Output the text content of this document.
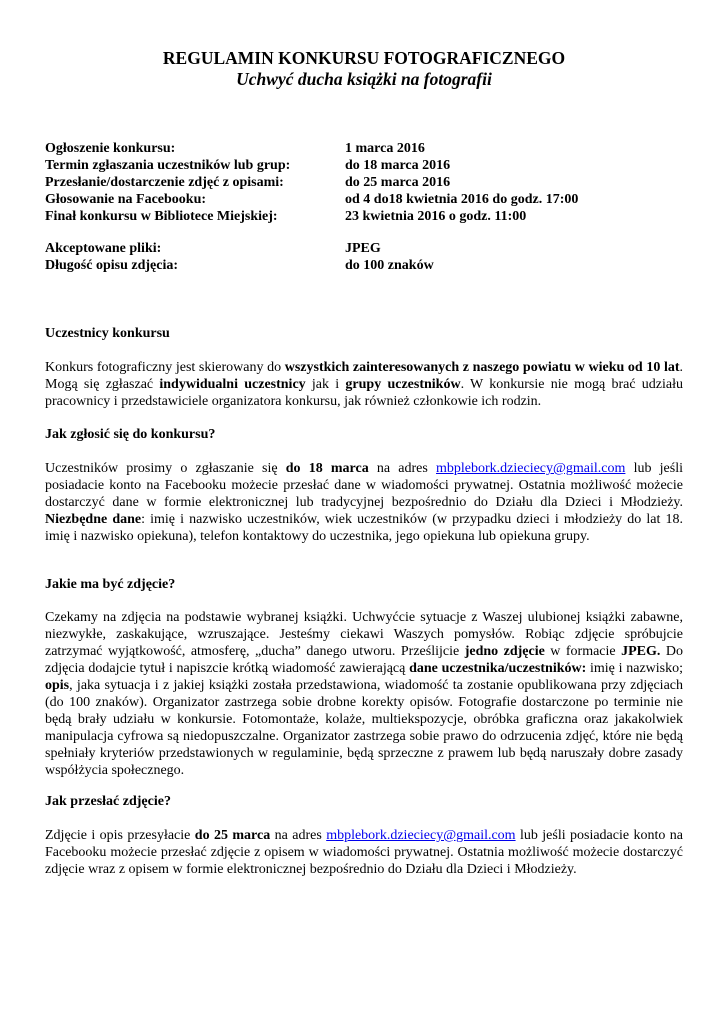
REGULAMIN KONKURSU FOTOGRAFICZNEGO
Uchwyć ducha książki na fotografii
Ogłoszenie konkursu:	1 marca 2016
Termin zgłaszania uczestników lub grup:	do 18 marca 2016
Przesłanie/dostarczenie zdjęć z opisami:	do 25 marca 2016
Głosowanie na Facebooku:	od 4 do18 kwietnia 2016 do godz. 17:00
Finał konkursu w Bibliotece Miejskiej:	23 kwietnia 2016 o godz. 11:00
Akceptowane pliki:	JPEG
Długość opisu zdjęcia:	do 100 znaków
Uczestnicy konkursu
Konkurs fotograficzny jest skierowany do wszystkich zainteresowanych z naszego powiatu w wieku od 10 lat. Mogą się zgłaszać indywidualni uczestnicy jak i grupy uczestników. W konkursie nie mogą brać udziału pracownicy i przedstawiciele organizatora konkursu, jak również członkowie ich rodzin.
Jak zgłosić się do konkursu?
Uczestników prosimy o zgłaszanie się do 18 marca na adres mbplebork.dzieciecy@gmail.com lub jeśli posiadacie konto na Facebooku możecie przesłać dane w wiadomości prywatnej. Ostatnia możliwość możecie dostarczyć dane w formie elektronicznej lub tradycyjnej bezpośrednio do Działu dla Dzieci i Młodzieży. Niezbędne dane: imię i nazwisko uczestników, wiek uczestników (w przypadku dzieci i młodzieży do lat 18. imię i nazwisko opiekuna), telefon kontaktowy do uczestnika, jego opiekuna lub opiekuna grupy.
Jakie ma być zdjęcie?
Czekamy na zdjęcia na podstawie wybranej książki. Uchwyćcie sytuacje z Waszej ulubionej książki zabawne, niezwykłe, zaskakujące, wzruszające. Jesteśmy ciekawi Waszych pomysłów. Robiąc zdjęcie spróbujcie zatrzymać wyjątkowość, atmosferę, „ducha” danego utworu. Prześlijcie jedno zdjęcie w formacie JPEG. Do zdjęcia dodajcie tytuł i napiszcie krótką wiadomość zawierającą dane uczestnika/uczestników: imię i nazwisko; opis, jaka sytuacja i z jakiej książki została przedstawiona, wiadomość ta zostanie opublikowana przy zdjęciach (do 100 znaków). Organizator zastrzega sobie drobne korekty opisów. Fotografie dostarczone po terminie nie będą brały udziału w konkursie. Fotomontaże, kolaże, multiekspozycje, obróbka graficzna oraz jakakolwiek manipulacja cyfrowa są niedopuszczalne. Organizator zastrzega sobie prawo do odrzucenia zdjęć, które nie będą spełniały kryteriów przedstawionych w regulaminie, będą sprzeczne z prawem lub będą naruszały dobre zasady współżycia społecznego.
Jak przesłać zdjęcie?
Zdjęcie i opis przesyłacie do 25 marca na adres mbplebork.dzieciecy@gmail.com lub jeśli posiadacie konto na Facebooku możecie przesłać zdjęcie z opisem w wiadomości prywatnej. Ostatnia możliwość możecie dostarczyć zdjęcie wraz z opisem w formie elektronicznej bezpośrednio do Działu dla Dzieci i Młodzieży.
